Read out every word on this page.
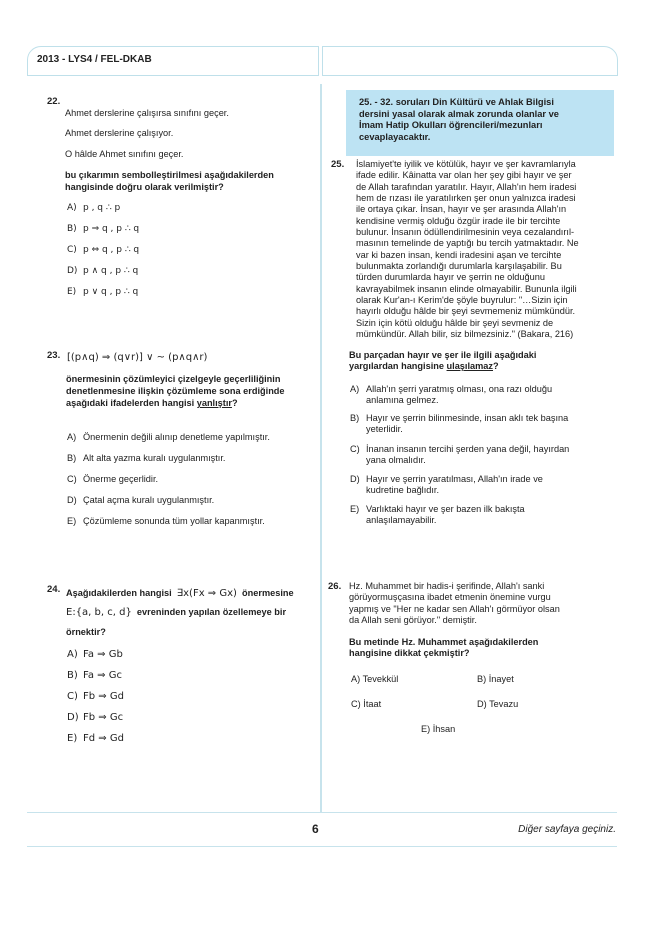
2013 - LYS4 / FEL-DKAB
22.
Ahmet derslerine çalışırsa sınıfını geçer.
Ahmet derslerine çalışıyor.
O hâlde Ahmet sınıfını geçer.
bu çıkarımın sembolleştirilmesi aşağıdakilerden
hangisinde doğru olarak verilmiştir?
A) p , q ∴ p
B) p ⇒ q , p ∴ q
C) p ⇔ q , p ∴ q
D) p ∧ q , p ∴ q
E) p ∨ q , p ∴ q
23. [(p∧q) ⇒ (q∨r)] ∨ ~ (p∧q∧r)
önermesinin çözümleyici çizelgeyle geçerliliğinin
denetlenmesine ilişkin çözümleme sona erdiğinde
aşağıdaki ifadelerden hangisi yanlıştır?
A) Önermenin değili alınıp denetleme yapılmıştır.
B) Alt alta yazma kuralı uygulanmıştır.
C) Önerme geçerlidir.
D) Çatal açma kuralı uygulanmıştır.
E) Çözümleme sonunda tüm yollar kapanmıştır.
24. Aşağıdakilerden hangisi ∃x(Fx ⇒ Gx) önermesine
E:{a, b, c, d} evreninden yapılan özellemeye bir
örnektir?
A) Fa ⇒ Gb
B) Fa ⇒ Gc
C) Fb ⇒ Gd
D) Fb ⇒ Gc
E) Fd ⇒ Gd
25. - 32. soruları Din Kültürü ve Ahlak Bilgisi
dersini yasal olarak almak zorunda olanlar ve
İmam Hatip Okulları öğrencileri/mezunları
cevaplayacaktır.
25. İslamiyet'te iyilik ve kötülük, hayır ve şer kavramlarıyla
ifade edilir. Kâinatta var olan her şey gibi hayır ve şer
de Allah tarafından yaratılır. Hayır, Allah'ın hem iradesi
hem de rızası ile yaratılırken şer onun yalnızca iradesi
ile ortaya çıkar. İnsan, hayır ve şer arasında Allah'ın
kendisine vermiş olduğu özgür irade ile bir tercihte
bulunur. İnsanın ödüllendirilmesinin veya cezalandırıl-
masının temelinde de yaptığı bu tercih yatmaktadır. Ne
var ki bazen insan, kendi iradesini aşan ve tercihte
bulunmakta zorlandığı durumlarla karşılaşabilir. Bu
türden durumlarda hayır ve şerrin ne olduğunu
kavrayabilmek insanın elinde olmayabilir. Bununla ilgili
olarak Kur'an-ı Kerim'de şöyle buyrulur: "…Sizin için
hayırlı olduğu hâlde bir şeyi sevmemeniz mümkündür.
Sizin için kötü olduğu hâlde bir şeyi sevmeniz de
mümkündür. Allah bilir, siz bilmezsiniz." (Bakara, 216)
Bu parçadan hayır ve şer ile ilgili aşağıdaki
yargılardan hangisine ulaşılamaz?
A) Allah'ın şerri yaratmış olması, ona razı olduğu
anlamına gelmez.
B) Hayır ve şerrin bilinmesinde, insan aklı tek başına
yeterlidir.
C) İnanan insanın tercihi şerden yana değil, hayırdan
yana olmalıdır.
D) Hayır ve şerrin yaratılması, Allah'ın irade ve
kudretine bağlıdır.
E) Varlıktaki hayır ve şer bazen ilk bakışta
anlaşılamayabilir.
26. Hz. Muhammet bir hadis-i şerifinde, Allah'ı sanki
görüyormuşçasına ibadet etmenin önemine vurgu
yapmış ve "Her ne kadar sen Allah'ı görmüyor olsan
da Allah seni görüyor." demiştir.
Bu metinde Hz. Muhammet aşağıdakilerden
hangisine dikkat çekmiştir?
A) Tevekkül	B) İnayet
C) İtaat	D) Tevazu
E) İhsan
6	Diğer sayfaya geçiniz.
